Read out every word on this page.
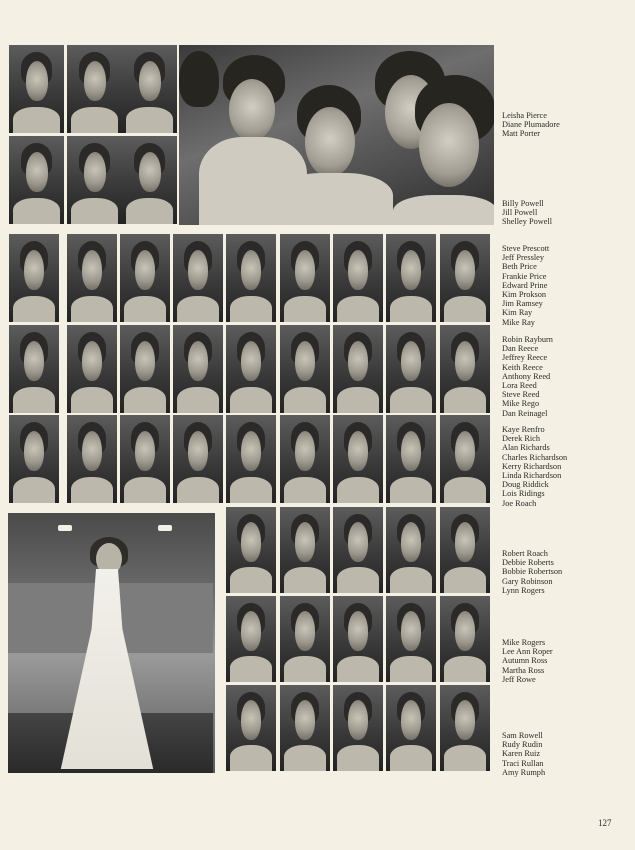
Leisha Pierce
Diane Plumadore
Matt Porter
Billy Powell
Jill Powell
Shelley Powell
Steve Prescott
Jeff Pressley
Beth Price
Frankie Price
Edward Prine
Kim Prokson
Jim Ramsey
Kim Ray
Mike Ray
Robin Rayburn
Dan Reece
Jeffrey Reece
Keith Reece
Anthony Reed
Lora Reed
Steve Reed
Mike Rego
Dan Reinagel
Kaye Renfro
Derek Rich
Alan Richards
Charles Richardson
Kerry Richardson
Linda Richardson
Doug Riddick
Lois Ridings
Joe Roach
Robert Roach
Debbie Roberts
Bobbie Robertson
Gary Robinson
Lynn Rogers
Mike Rogers
Lee Ann Roper
Autumn Ross
Martha Ross
Jeff Rowe
Sam Rowell
Rudy Rudin
Karen Ruiz
Traci Rullan
Amy Rumph
127
